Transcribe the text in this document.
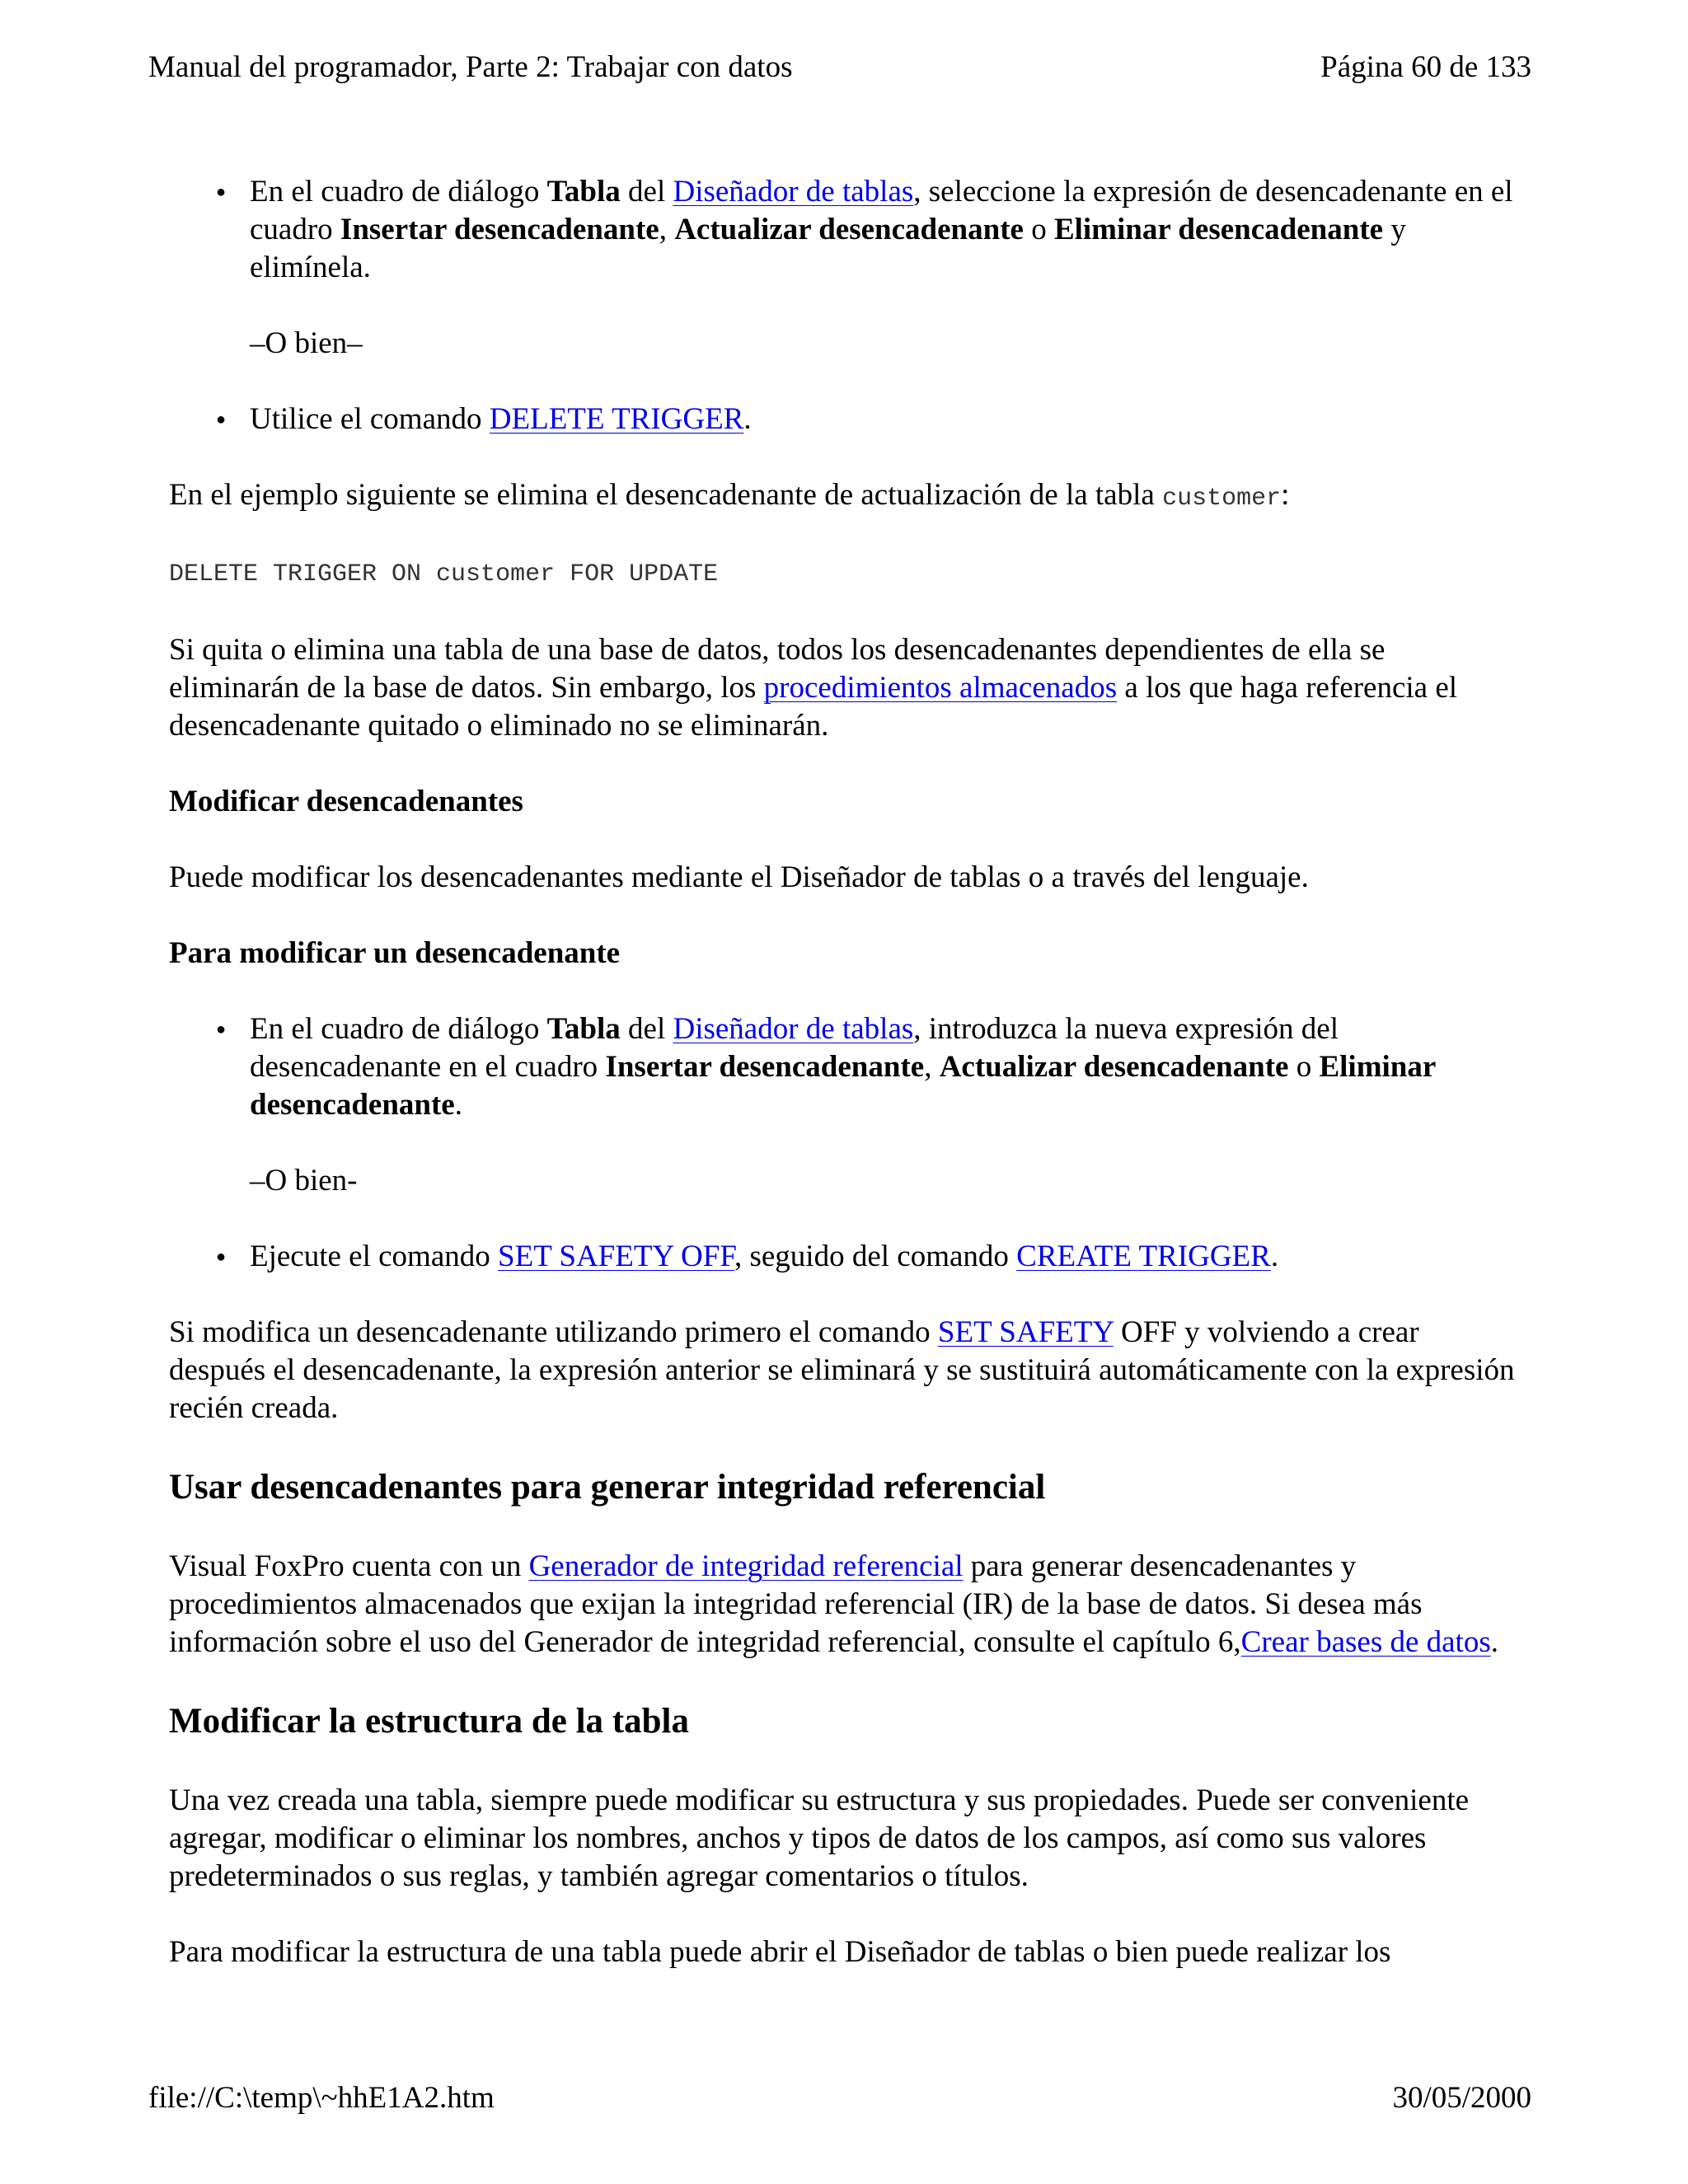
Manual del programador, Parte 2: Trabajar con datos	Página 60 de 133
● En el cuadro de diálogo Tabla del Diseñador de tablas, seleccione la expresión de desencadenante en el cuadro Insertar desencadenante, Actualizar desencadenante o Eliminar desencadenante y elimínela.

–O bien–

● Utilice el comando DELETE TRIGGER.

En el ejemplo siguiente se elimina el desencadenante de actualización de la tabla customer:

DELETE TRIGGER ON customer FOR UPDATE

Si quita o elimina una tabla de una base de datos, todos los desencadenantes dependientes de ella se eliminarán de la base de datos. Sin embargo, los procedimientos almacenados a los que haga referencia el desencadenante quitado o eliminado no se eliminarán.

Modificar desencadenantes

Puede modificar los desencadenantes mediante el Diseñador de tablas o a través del lenguaje.

Para modificar un desencadenante
● En el cuadro de diálogo Tabla del Diseñador de tablas, introduzca la nueva expresión del desencadenante en el cuadro Insertar desencadenante, Actualizar desencadenante o Eliminar desencadenante.

–O bien-

● Ejecute el comando SET SAFETY OFF, seguido del comando CREATE TRIGGER.

Si modifica un desencadenante utilizando primero el comando SET SAFETY OFF y volviendo a crear después el desencadenante, la expresión anterior se eliminará y se sustituirá automáticamente con la expresión recién creada.

Usar desencadenantes para generar integridad referencial

Visual FoxPro cuenta con un Generador de integridad referencial para generar desencadenantes y procedimientos almacenados que exijan la integridad referencial (IR) de la base de datos. Si desea más información sobre el uso del Generador de integridad referencial, consulte el capítulo 6,Crear bases de datos.

Modificar la estructura de la tabla

Una vez creada una tabla, siempre puede modificar su estructura y sus propiedades. Puede ser conveniente agregar, modificar o eliminar los nombres, anchos y tipos de datos de los campos, así como sus valores predeterminados o sus reglas, y también agregar comentarios o títulos.

Para modificar la estructura de una tabla puede abrir el Diseñador de tablas o bien puede realizar los

file://C:\temp\~hhE1A2.htm	30/05/2000
